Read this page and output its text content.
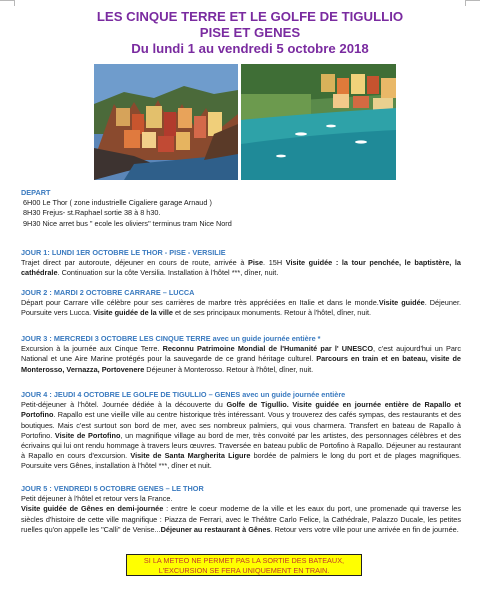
LES CINQUE TERRE ET LE GOLFE DE TIGULLIO
PISE ET GENES
Du lundi 1 au vendredi 5 octobre 2018
DEPART
6H00 Le Thor ( zone industrielle Cigaliere garage Arnaud )
8H30 Frejus- st.Raphael sortie 38 à 8 h30.
9H30 Nice arret bus " ecole les oliviers" terminus tram Nice Nord
JOUR 1: LUNDI 1ER OCTOBRE LE THOR - PISE - VERSILIE
Trajet direct par autoroute, déjeuner en cours de route, arrivée à Pise. 15H Visite guidée : la tour penchée, le baptistère, la cathédrale. Continuation sur la côte Versilia. Installation à l'hôtel ***, dîner, nuit.
JOUR 2 : MARDI 2 OCTOBRE CARRARE – LUCCA
Départ pour Carrare ville célèbre pour ses carrières de marbre très appréciées en Italie et dans le monde.Visite guidée. Déjeuner. Poursuite vers Lucca. Visite guidée de la ville et de ses principaux monuments. Retour à l'hôtel, dîner, nuit.
JOUR 3 : MERCREDI 3 OCTOBRE LES CINQUE TERRE avec un guide journée entière *
Excursion à la journée aux Cinque Terre. Reconnu Patrimoine Mondial de l'Humanité par l' UNESCO, c'est aujourd'hui un Parc National et une Aire Marine protégés pour la sauvegarde de ce grand héritage culturel. Parcours en train et en bateau, visite de Monterosso, Vernazza, Portovenere Déjeuner à Monterosso. Retour à l'hôtel, dîner, nuit.
JOUR 4 : JEUDI 4 OCTOBRE LE GOLFE DE TIGULLIO – GENES avec un guide journée entière
Petit-déjeuner à l'hôtel. Journée dédiée à la découverte du Golfe de Tigullio. Visite guidée en journée entière de Rapallo et Portofino. Rapallo est une vieille ville au centre historique très intéressant. Vous y trouverez des cafés sympas, des restaurants et des boutiques. Mais c'est surtout son bord de mer, avec ses nombreux palmiers, qui vous charmera. Transfert en bateau de Rapallo à Portofino. Visite de Portofino, un magnifique village au bord de mer, très convoité par les artistes, des personnages célèbres et des écrivains qui lui ont rendu hommage à travers leurs œuvres. Traversée en bateau public de Portofino à Rapallo. Déjeuner au restaurant à Rapallo en cours d'excursion. Visite de Santa Margherita Ligure bordée de palmiers le long du port et de plages magnifiques. Poursuite vers Gênes, installation à l'hôtel ***, dîner et nuit.
JOUR 5 : VENDREDI 5 OCTOBRE GENES – LE THOR
Petit déjeuner à l'hôtel et retour vers la France.
Visite guidée de Gênes en demi-journée : entre le coeur moderne de la ville et les eaux du port, une promenade qui traverse les siècles d'histoire de cette ville magnifique : Piazza de Ferrari, avec le Théâtre Carlo Felice, la Cathédrale, Palazzo Ducale, les petites ruelles qu'on appelle les "Calli" de Venise...Déjeuner au restaurant à Gênes. Retour vers votre ville pour une arrivée en fin de journée.
SI LA METEO NE PERMET PAS LA SORTIE DES BATEAUX,
L'EXCURSION SE FERA UNIQUEMENT EN TRAIN.
